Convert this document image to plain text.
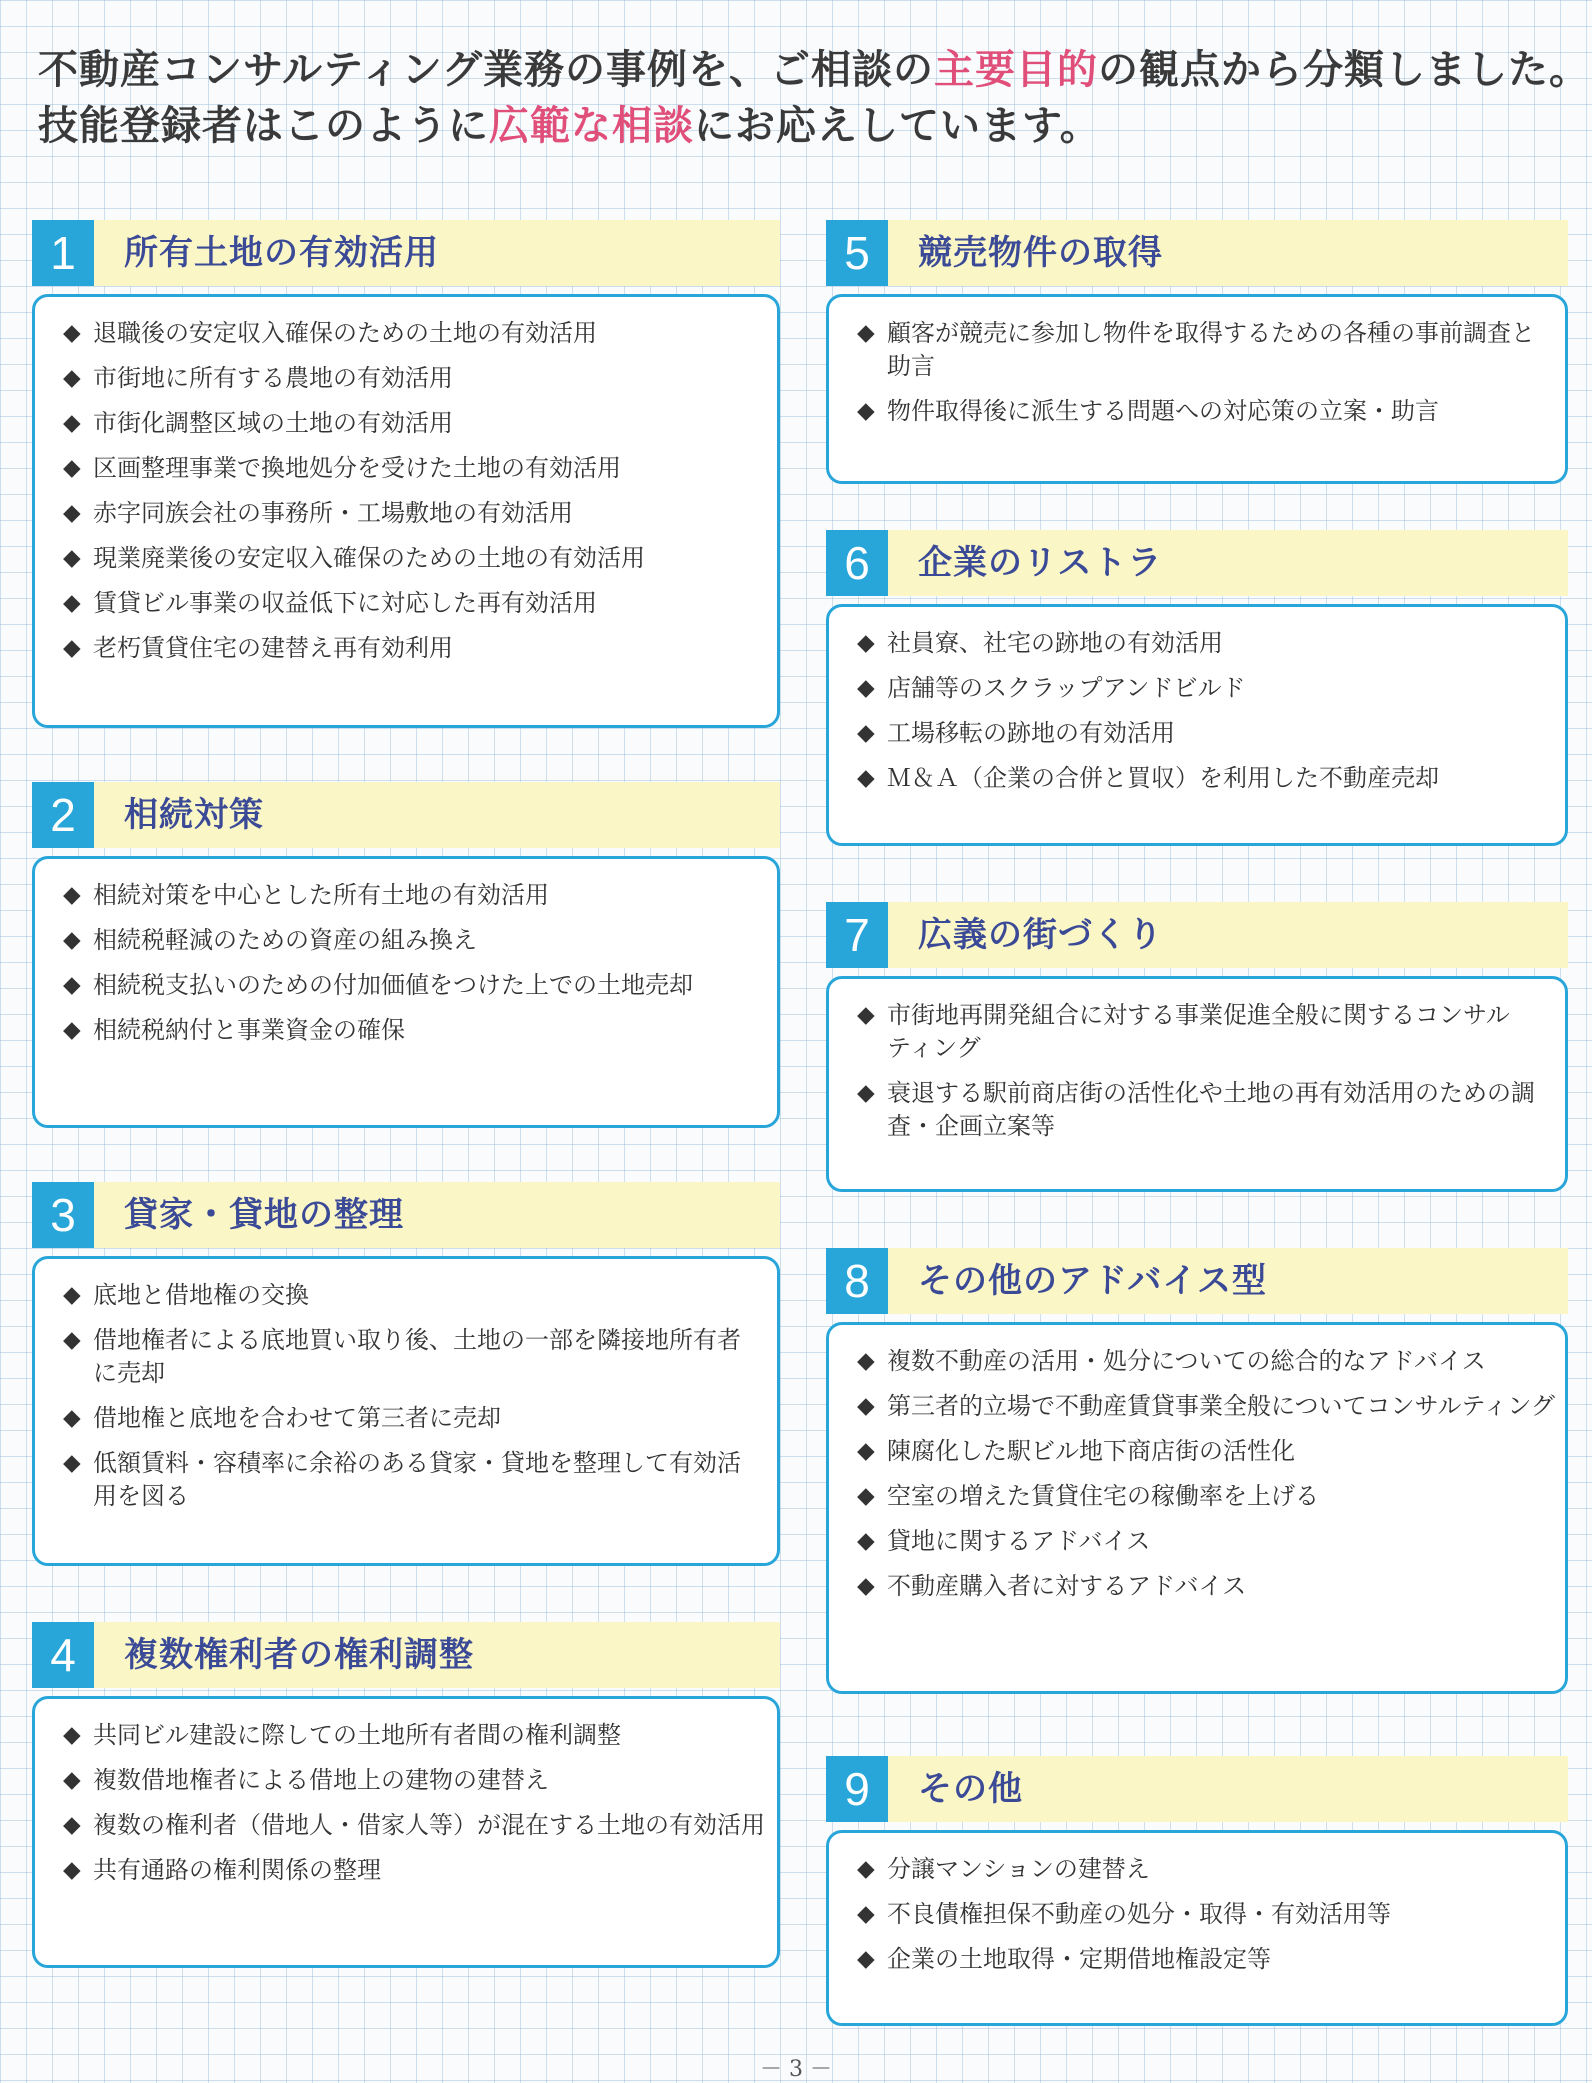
不動産コンサルティング業務の事例を、ご相談の主要目的の観点から分類しました。
技能登録者はこのように広範な相談にお応えしています。
1	所有土地の有効活用
◆ 退職後の安定収入確保のための土地の有効活用
◆ 市街地に所有する農地の有効活用
◆ 市街化調整区域の土地の有効活用
◆ 区画整理事業で換地処分を受けた土地の有効活用
◆ 赤字同族会社の事務所・工場敷地の有効活用
◆ 現業廃業後の安定収入確保のための土地の有効活用
◆ 賃貸ビル事業の収益低下に対応した再有効活用
◆ 老朽賃貸住宅の建替え再有効利用
2	相続対策
◆ 相続対策を中心とした所有土地の有効活用
◆ 相続税軽減のための資産の組み換え
◆ 相続税支払いのための付加価値をつけた上での土地売却
◆ 相続税納付と事業資金の確保
3	貸家・貸地の整理
◆ 底地と借地権の交換
◆ 借地権者による底地買い取り後、土地の一部を隣接地所有者に売却
◆ 借地権と底地を合わせて第三者に売却
◆ 低額賃料・容積率に余裕のある貸家・貸地を整理して有効活用を図る
4	複数権利者の権利調整
◆ 共同ビル建設に際しての土地所有者間の権利調整
◆ 複数借地権者による借地上の建物の建替え
◆ 複数の権利者（借地人・借家人等）が混在する土地の有効活用
◆ 共有通路の権利関係の整理
5	競売物件の取得
◆ 顧客が競売に参加し物件を取得するための各種の事前調査と助言
◆ 物件取得後に派生する問題への対応策の立案・助言
6	企業のリストラ
◆ 社員寮、社宅の跡地の有効活用
◆ 店舗等のスクラップアンドビルド
◆ 工場移転の跡地の有効活用
◆ Ｍ＆Ａ（企業の合併と買収）を利用した不動産売却
7	広義の街づくり
◆ 市街地再開発組合に対する事業促進全般に関するコンサルティング
◆ 衰退する駅前商店街の活性化や土地の再有効活用のための調査・企画立案等
8	その他のアドバイス型
◆ 複数不動産の活用・処分についての総合的なアドバイス
◆ 第三者的立場で不動産賃貸事業全般についてコンサルティング
◆ 陳腐化した駅ビル地下商店街の活性化
◆ 空室の増えた賃貸住宅の稼働率を上げる
◆ 貸地に関するアドバイス
◆ 不動産購入者に対するアドバイス
9	その他
◆ 分譲マンションの建替え
◆ 不良債権担保不動産の処分・取得・有効活用等
◆ 企業の土地取得・定期借地権設定等
－ 3 －
